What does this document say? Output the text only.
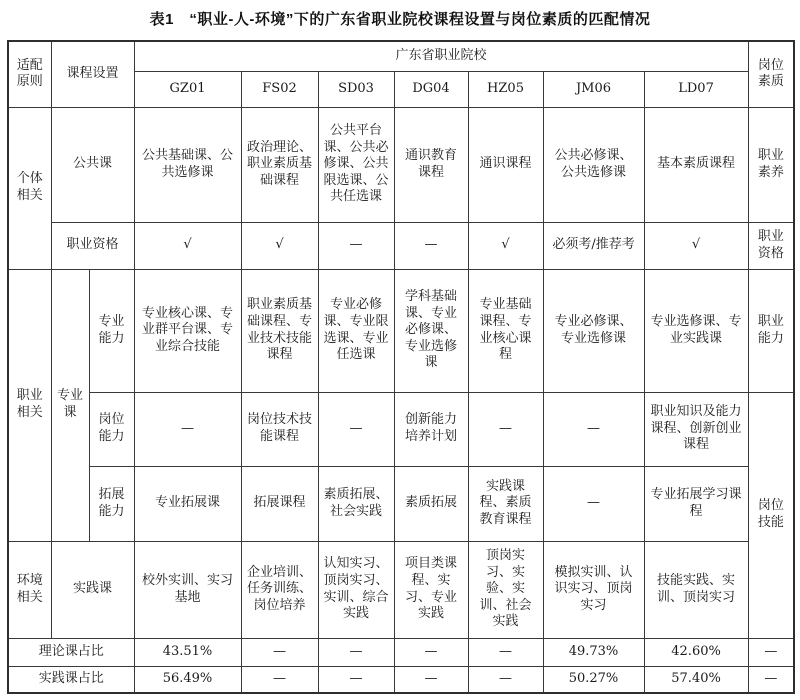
表1　“职业-人-环境”下的广东省职业院校课程设置与岗位素质的匹配情况
适配原则	课程设置		广东省职业院校							岗位素质
			GZ01	FS02	SD03	DG04	HZ05	JM06	LD07	
个体相关	公共课		公共基础课、公共选修课	政治理论、职业素质基础课程	公共平台课、公共必修课、公共限选课、公共任选课	通识教育课程	通识课程	公共必修课、公共选修课	基本素质课程	职业素养
	职业资格		√	√	—	—	√	必须考/推荐考	√	职业资格
职业相关	专业课	专业能力	专业核心课、专业群平台课、专业综合技能	职业素质基础课程、专业技术技能课程	专业必修课、专业限选课、专业任选课	学科基础课、专业必修课、专业选修课	专业基础课程、专业核心课程	专业必修课、专业选修课	专业选修课、专业实践课	职业能力
		岗位能力	—	岗位技术技能课程	—	创新能力培养计划	—	—	职业知识及能力课程、创新创业课程	岗位技能
		拓展能力	专业拓展课	拓展课程	素质拓展、社会实践	素质拓展	实践课程、素质教育课程	—	专业拓展学习课程	
环境相关	实践课		校外实训、实习基地	企业培训、任务训练、岗位培养	认知实习、顶岗实习、实训、综合实践	项目类课程、实习、专业实践	顶岗实习、实验、实训、社会实践	模拟实训、认识实习、顶岗实习	技能实践、实训、顶岗实习	
理论课占比			43.51%	—	—	—	—	49.73%	42.60%	—
实践课占比			56.49%	—	—	—	—	50.27%	57.40%	—
